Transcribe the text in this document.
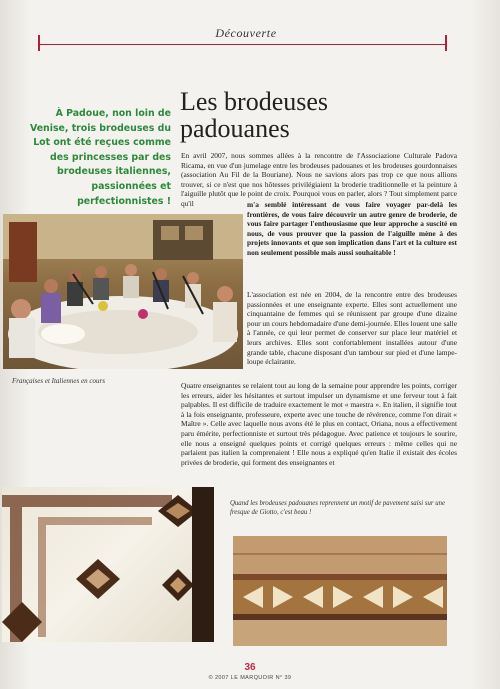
Découverte
À Padoue, non loin de Venise, trois brodeuses du Lot ont été reçues comme des princesses par des brodeuses italiennes, passionnées et perfectionnistes !
Les brodeuses
padouanes

En avril 2007, nous sommes allées à la rencontre de l'Associazione Culturale Padova Ricama, en vue d'un jumelage entre les brodeuses padouanes et les brodeuses gourdonnaises (association Au Fil de la Bouriane). Nous ne savions alors pas trop ce que nous allions trouver, si ce n'est que nos hôtesses privilégiaient la broderie traditionnelle et la peinture à l'aiguille plutôt que le point de croix. Pourquoi vous en parler, alors ? Tout simplement parce qu'il

Françaises et Italiennes en cours

m'a semblé intéressant de vous faire voyager par-delà les frontières, de vous faire découvrir un autre genre de broderie, de vous faire partager l'enthousiasme que leur approche a suscité en nous, de vous prouver que la passion de l'aiguille mène à des projets innovants et que son implication dans l'art et la culture est non seulement possible mais aussi souhaitable !

L'association est née en 2004, de la rencontre entre des brodeuses passionnées et une enseignante experte. Elles sont actuellement une cinquantaine de femmes qui se réunissent par groupe d'une dizaine pour un cours hebdomadaire d'une demi-journée. Elles louent une salle à l'année, ce qui leur permet de conserver sur place leur matériel et leurs archives. Elles sont confortablement installées autour d'une grande table, chacune disposant d'un tambour sur pied et d'une lampe-loupe éclairante.

Quatre enseignantes se relaient tout au long de la semaine pour apprendre les points, corriger les erreurs, aider les hésitantes et surtout impulser un dynamisme et une ferveur tout à fait palpables. Il est difficile de traduire exactement le mot « maestra ». En italien, il signifie tout à la fois enseignante, professeure, experte avec une touche de révérence, comme l'on dirait « Maître ». Celle avec laquelle nous avons été le plus en contact, Oriana, nous a effectivement paru émérite, perfectionniste et surtout très pédagogue. Avec patience et toujours le sourire, elle nous a enseigné quelques points et corrigé quelques erreurs : même celles qui ne parlaient pas italien la comprenaient ! Elle nous a expliqué qu'en Italie il existait des écoles privées de broderie, qui forment des enseignantes et

Quand les brodeuses padouanes reprennent un motif de pavement saisi sur une fresque de Giotto, c'est beau !
36
© 2007 LE MARQUOIR N° 39
